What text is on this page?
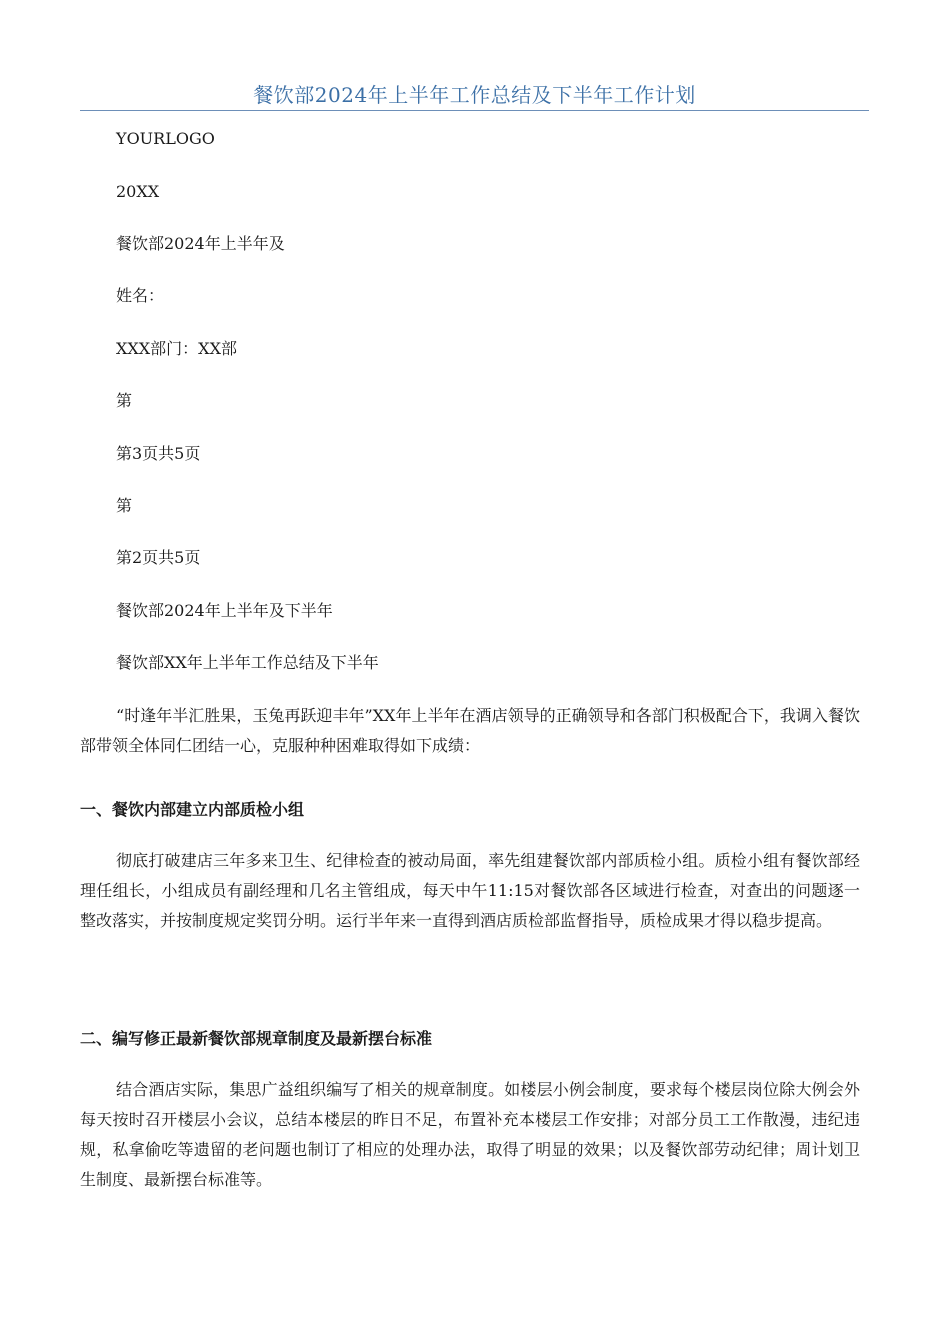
餐饮部2024年上半年工作总结及下半年工作计划
YOURLOGO
20XX
餐饮部2024年上半年及
姓名：
XXX部门：XX部
第
第3页共5页
第
第2页共5页
餐饮部2024年上半年及下半年
餐饮部XX年上半年工作总结及下半年
“时逢年半汇胜果，玉兔再跃迎丰年”XX年上半年在酒店领导的正确领导和各部门积极配合下，我调入餐饮部带领全体同仁团结一心，克服种种困难取得如下成绩：
一、餐饮内部建立内部质检小组
彻底打破建店三年多来卫生、纪律检查的被动局面，率先组建餐饮部内部质检小组。质检小组有餐饮部经理任组长，小组成员有副经理和几名主管组成，每天中午11:15对餐饮部各区域进行检查，对查出的问题逐一整改落实，并按制度规定奖罚分明。运行半年来一直得到酒店质检部监督指导，质检成果才得以稳步提高。
二、编写修正最新餐饮部规章制度及最新摆台标准
结合酒店实际，集思广益组织编写了相关的规章制度。如楼层小例会制度，要求每个楼层岗位除大例会外每天按时召开楼层小会议，总结本楼层的昨日不足，布置补充本楼层工作安排；对部分员工工作散漫，违纪违规，私拿偷吃等遗留的老问题也制订了相应的处理办法，取得了明显的效果；以及餐饮部劳动纪律；周计划卫生制度、最新摆台标准等。
